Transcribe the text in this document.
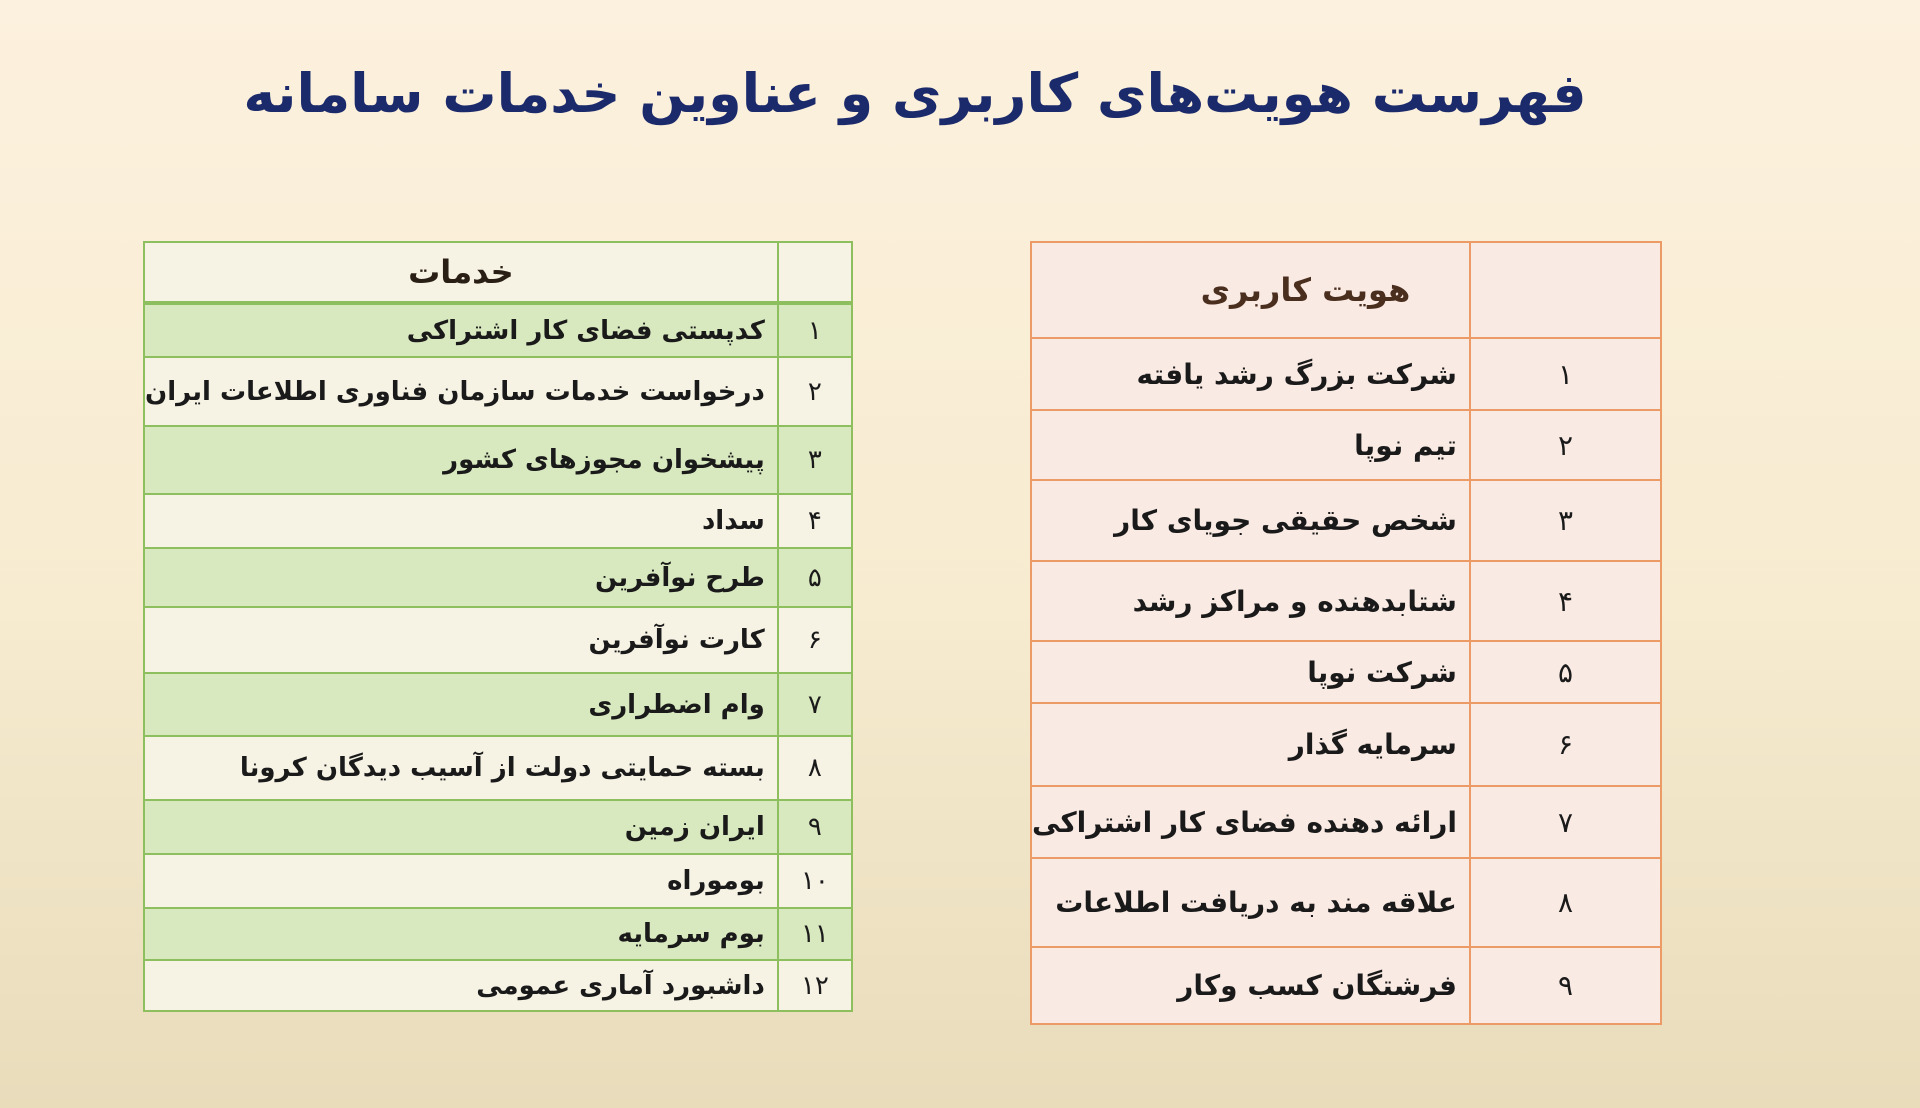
فهرست هویت‌های کاربری و عناوین خدمات سامانه
	خدمات
۱	کدپستی فضای کار اشتراکی
۲	درخواست خدمات سازمان فناوری اطلاعات ایران
۳	پیشخوان مجوزهای کشور
۴	سداد
۵	طرح نوآفرین
۶	کارت نوآفرین
۷	وام اضطراری
۸	بسته حمایتی دولت از آسیب دیدگان کرونا
۹	ایران زمین
۱۰	بوموراه
۱۱	بوم سرمایه
۱۲	داشبورد آماری عمومی
	هویت کاربری
۱	شرکت بزرگ رشد یافته
۲	تیم نوپا
۳	شخص حقیقی جویای کار
۴	شتابدهنده و مراکز رشد
۵	شرکت نوپا
۶	سرمایه گذار
۷	ارائه دهنده فضای کار اشتراکی
۸	علاقه مند به دریافت اطلاعات
۹	فرشتگان کسب وکار
